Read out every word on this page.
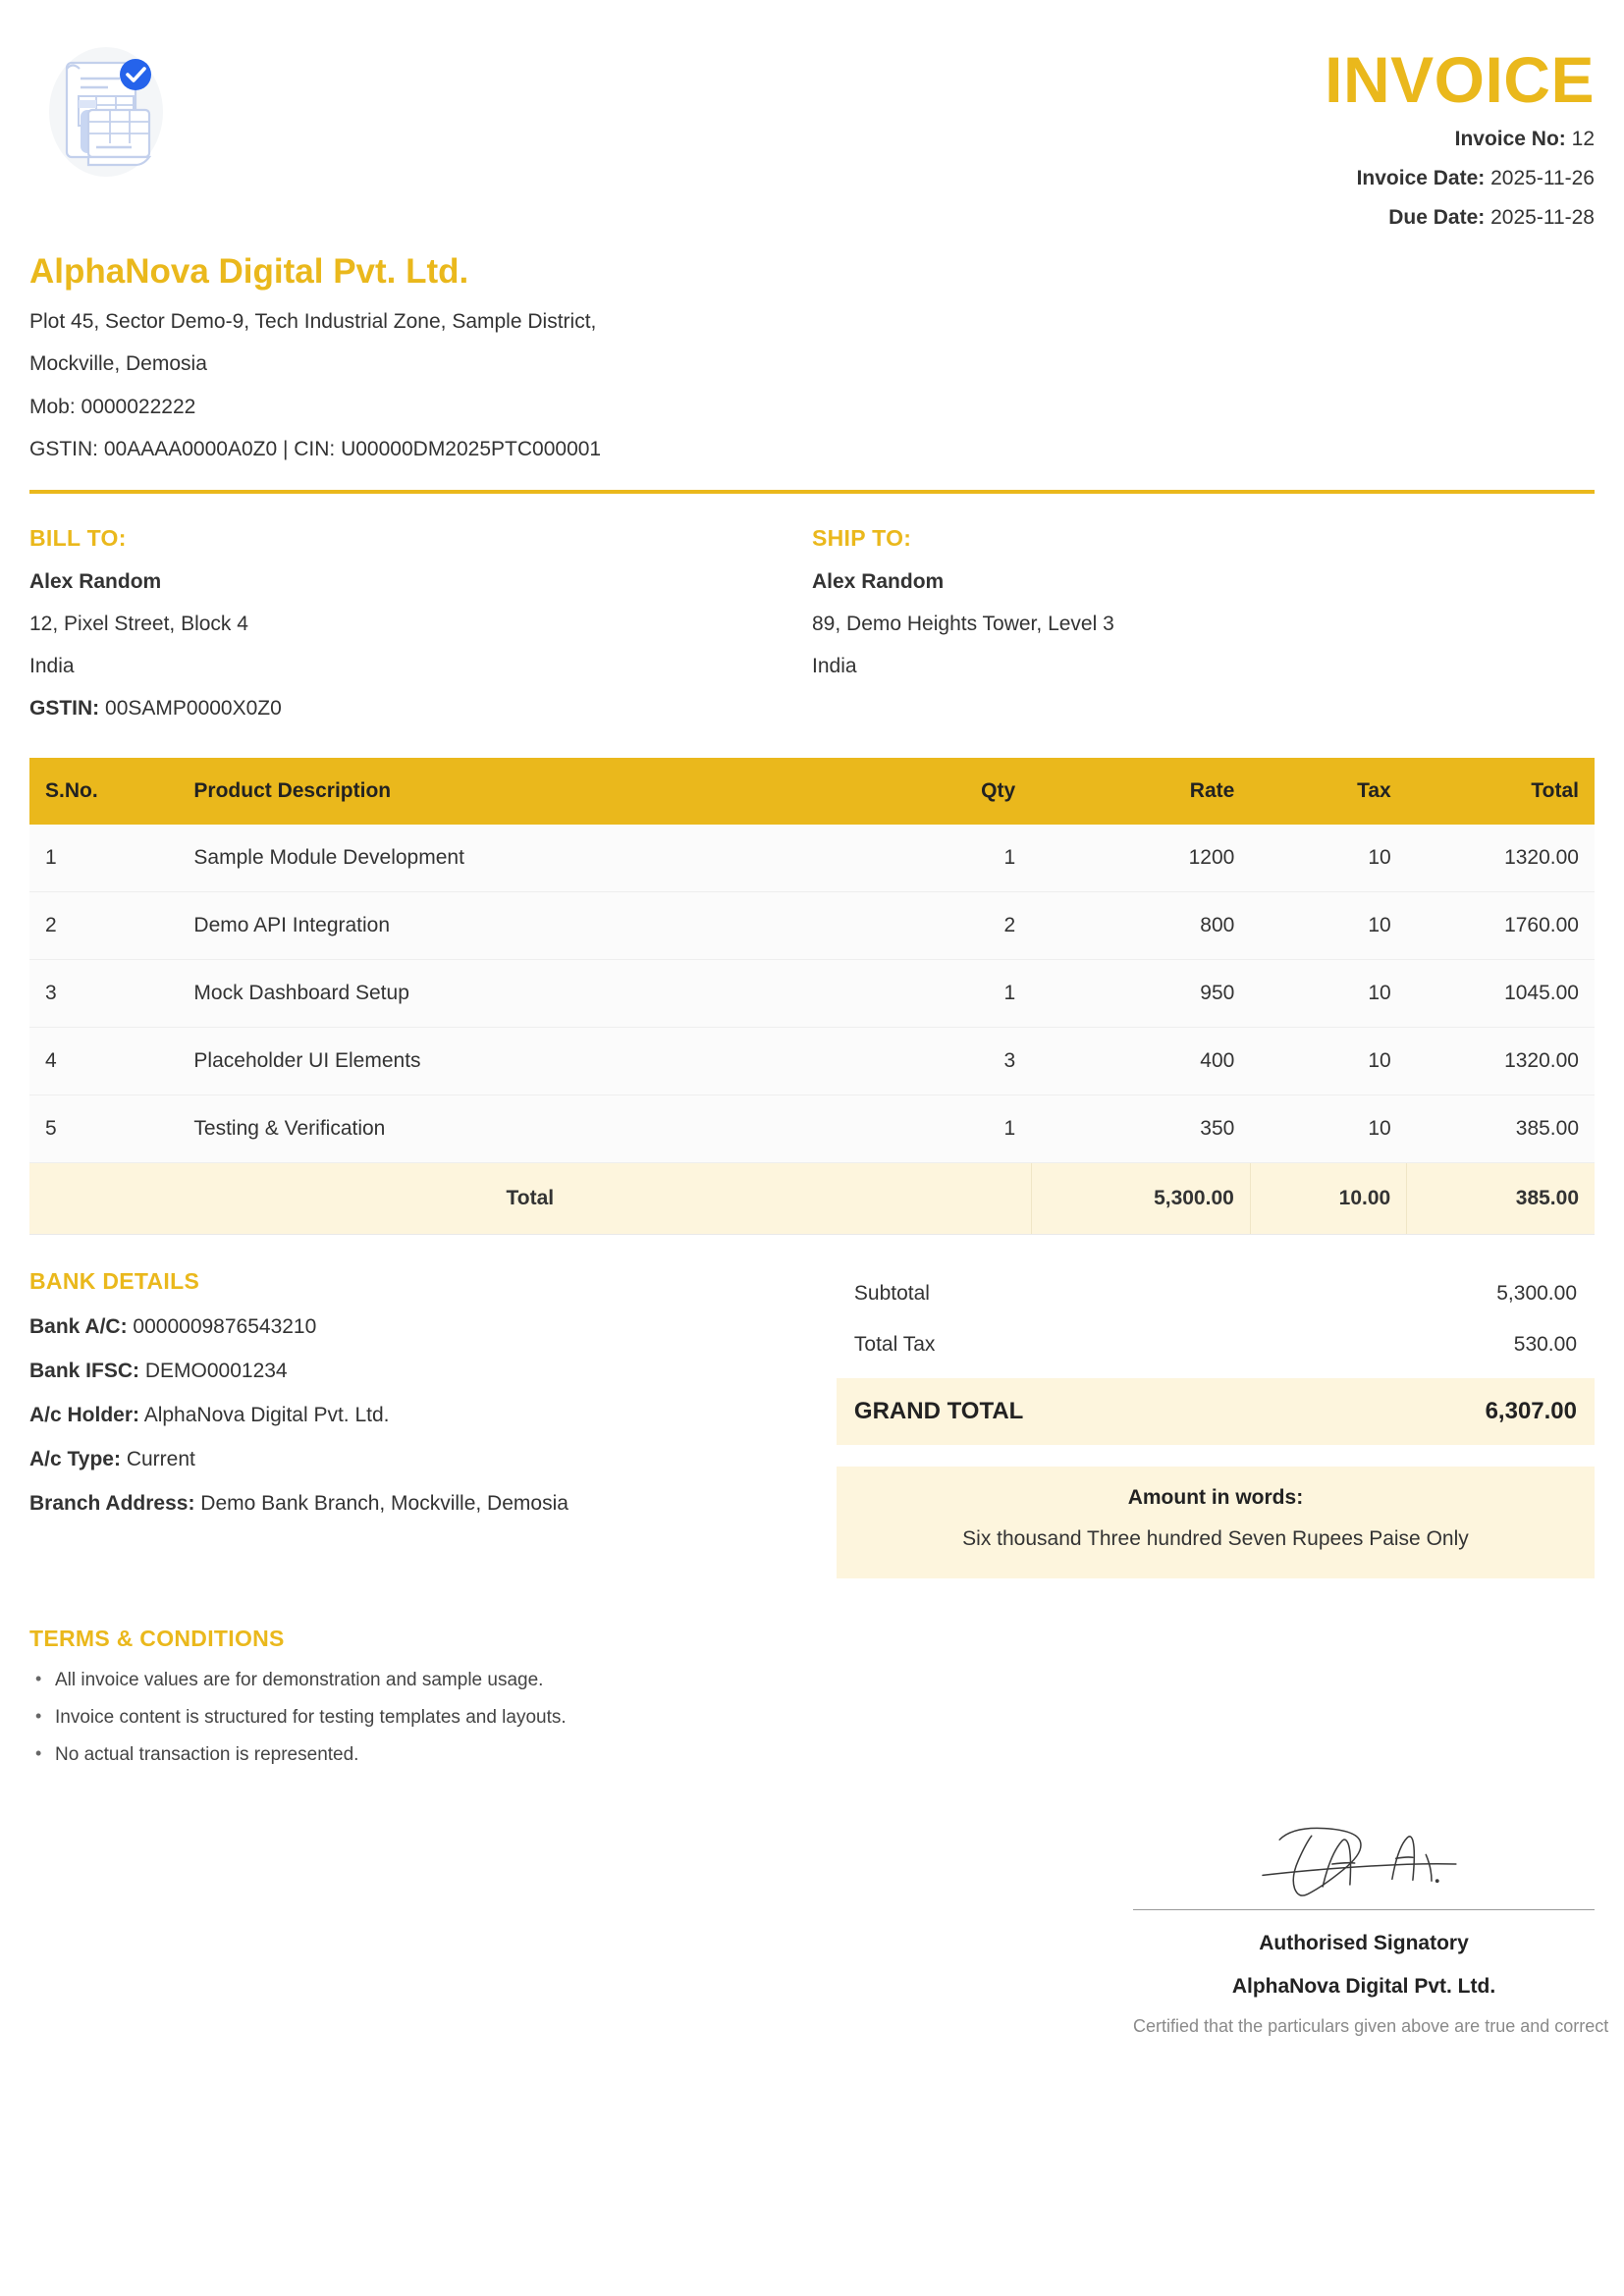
INVOICE
Invoice No: 12
Invoice Date: 2025-11-26
Due Date: 2025-11-28
AlphaNova Digital Pvt. Ltd.
Plot 45, Sector Demo-9, Tech Industrial Zone, Sample District,
Mockville, Demosia
Mob: 0000022222
GSTIN: 00AAAA0000A0Z0 | CIN: U00000DM2025PTC000001
BILL TO:
Alex Random
12, Pixel Street, Block 4
India
GSTIN: 00SAMP0000X0Z0
SHIP TO:
Alex Random
89, Demo Heights Tower, Level 3
India
S.No.	Product Description	Qty	Rate	Tax	Total
1	Sample Module Development	1	1200	10	1320.00
2	Demo API Integration	2	800	10	1760.00
3	Mock Dashboard Setup	1	950	10	1045.00
4	Placeholder UI Elements	3	400	10	1320.00
5	Testing & Verification	1	350	10	385.00
Total			5,300.00	10.00	385.00
BANK DETAILS
Bank A/C: 0000009876543210
Bank IFSC: DEMO0001234
A/c Holder: AlphaNova Digital Pvt. Ltd.
A/c Type: Current
Branch Address: Demo Bank Branch, Mockville, Demosia
Subtotal	5,300.00
Total Tax	530.00
GRAND TOTAL	6,307.00
Amount in words:
Six thousand Three hundred Seven Rupees Paise Only
TERMS & CONDITIONS
• All invoice values are for demonstration and sample usage.
• Invoice content is structured for testing templates and layouts.
• No actual transaction is represented.
Authorised Signatory
AlphaNova Digital Pvt. Ltd.
Certified that the particulars given above are true and correct
